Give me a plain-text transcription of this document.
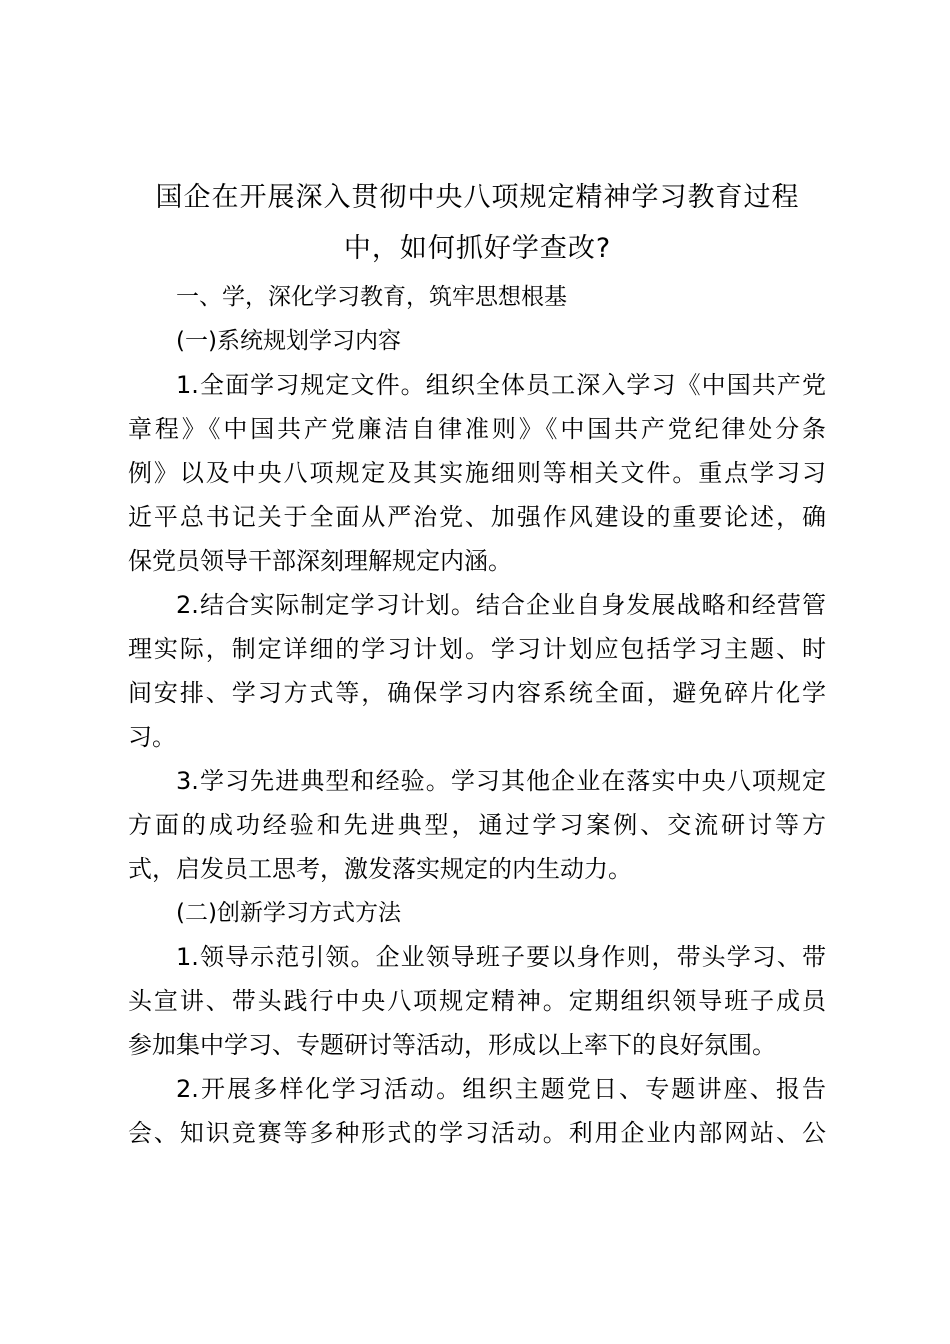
国企在开展深入贯彻中央八项规定精神学习教育过程
中，如何抓好学查改?
一、学，深化学习教育，筑牢思想根基
(一)系统规划学习内容
1.全面学习规定文件。组织全体员工深入学习《中国共产党
章程》《中国共产党廉洁自律准则》《中国共产党纪律处分条
例》以及中央八项规定及其实施细则等相关文件。重点学习习
近平总书记关于全面从严治党、加强作风建设的重要论述，确
保党员领导干部深刻理解规定内涵。
2.结合实际制定学习计划。结合企业自身发展战略和经营管
理实际，制定详细的学习计划。学习计划应包括学习主题、时
间安排、学习方式等，确保学习内容系统全面，避免碎片化学
习。
3.学习先进典型和经验。学习其他企业在落实中央八项规定
方面的成功经验和先进典型，通过学习案例、交流研讨等方
式，启发员工思考，激发落实规定的内生动力。
(二)创新学习方式方法
1.领导示范引领。企业领导班子要以身作则，带头学习、带
头宣讲、带头践行中央八项规定精神。定期组织领导班子成员
参加集中学习、专题研讨等活动，形成以上率下的良好氛围。
2.开展多样化学习活动。组织主题党日、专题讲座、报告
会、知识竞赛等多种形式的学习活动。利用企业内部网站、公
